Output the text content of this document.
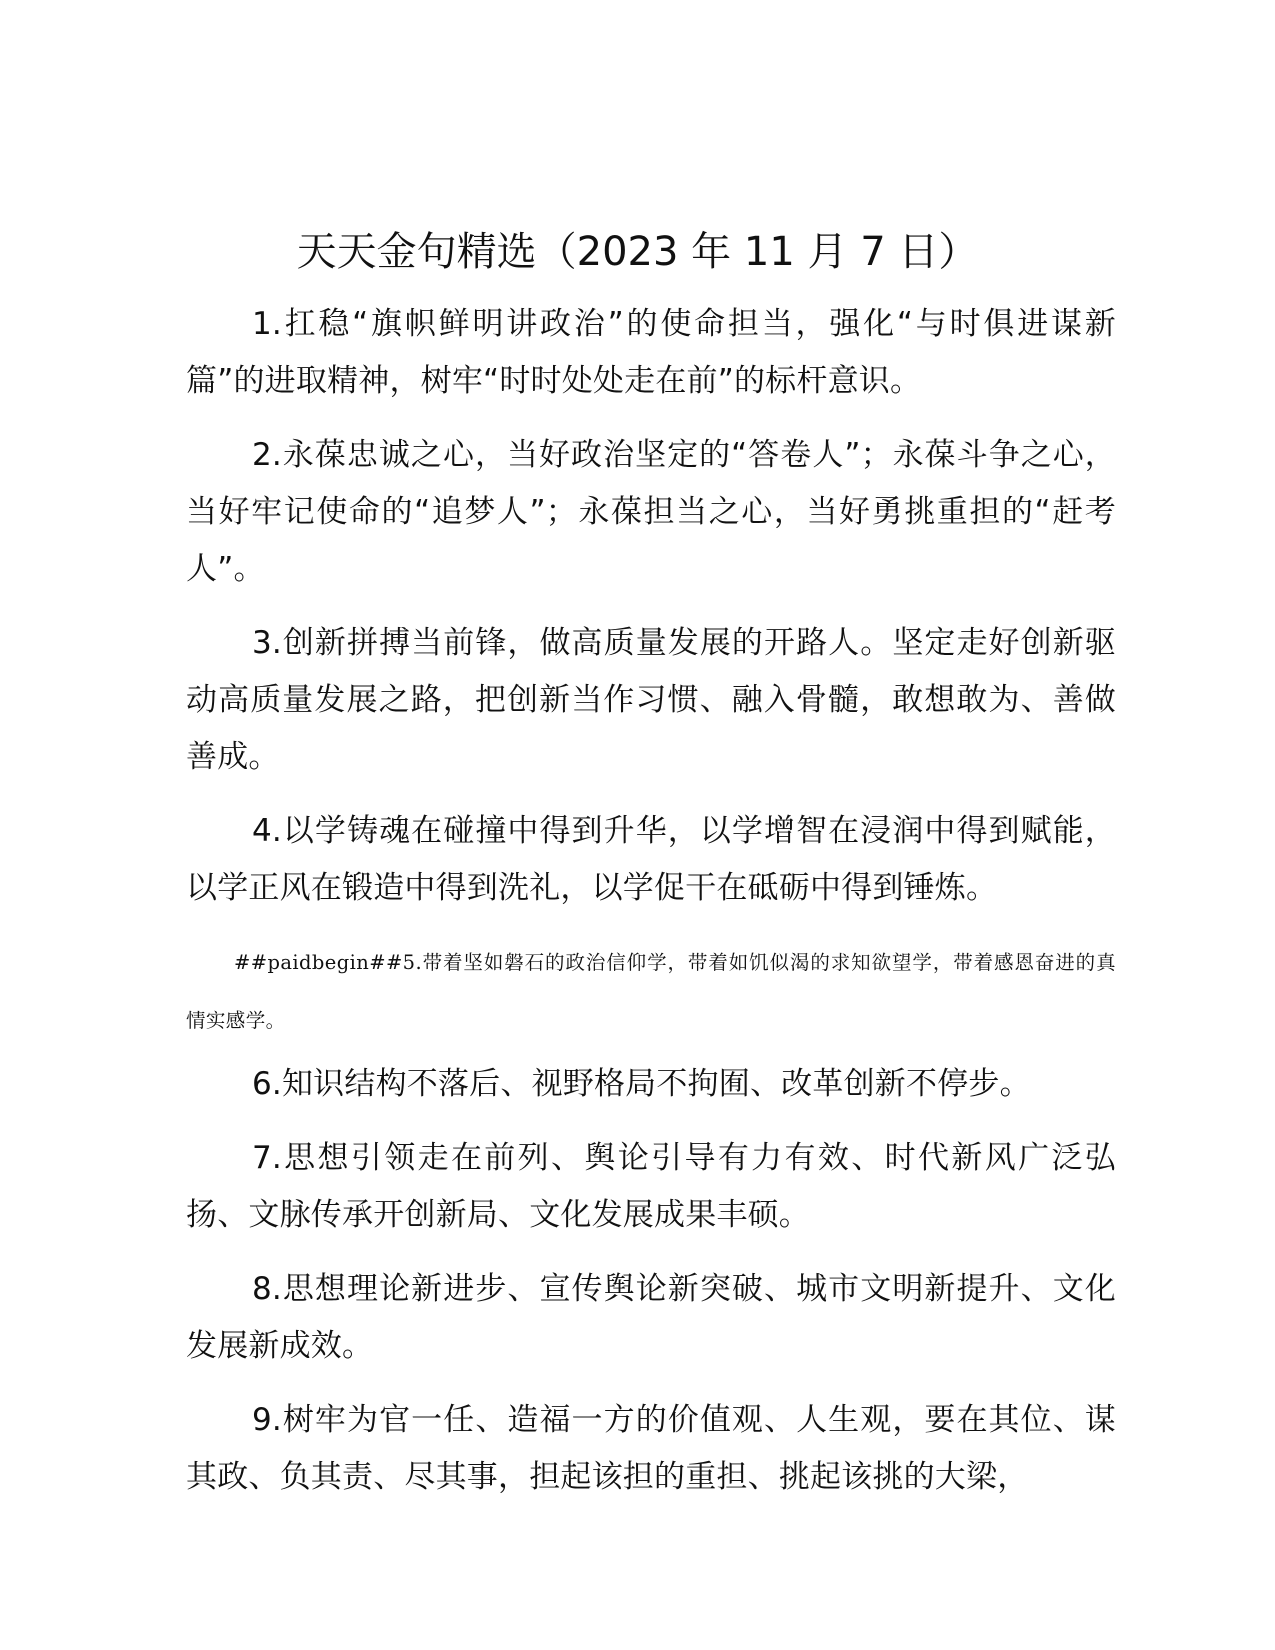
天天金句精选（2023 年 11 月 7 日）

1.扛稳“旗帜鲜明讲政治”的使命担当，强化“与时俱进谋新篇”的进取精神，树牢“时时处处走在前”的标杆意识。

2.永葆忠诚之心，当好政治坚定的“答卷人”；永葆斗争之心，当好牢记使命的“追梦人”；永葆担当之心，当好勇挑重担的“赶考人”。

3.创新拼搏当前锋，做高质量发展的开路人。坚定走好创新驱动高质量发展之路，把创新当作习惯、融入骨髓，敢想敢为、善做善成。

4.以学铸魂在碰撞中得到升华，以学增智在浸润中得到赋能，以学正风在锻造中得到洗礼，以学促干在砥砺中得到锤炼。

##paidbegin##5.带着坚如磐石的政治信仰学，带着如饥似渴的求知欲望学，带着感恩奋进的真情实感学。

6.知识结构不落后、视野格局不拘囿、改革创新不停步。

7.思想引领走在前列、舆论引导有力有效、时代新风广泛弘扬、文脉传承开创新局、文化发展成果丰硕。

8.思想理论新进步、宣传舆论新突破、城市文明新提升、文化发展新成效。

9.树牢为官一任、造福一方的价值观、人生观，要在其位、谋其政、负其责、尽其事，担起该担的重担、挑起该挑的大梁，
